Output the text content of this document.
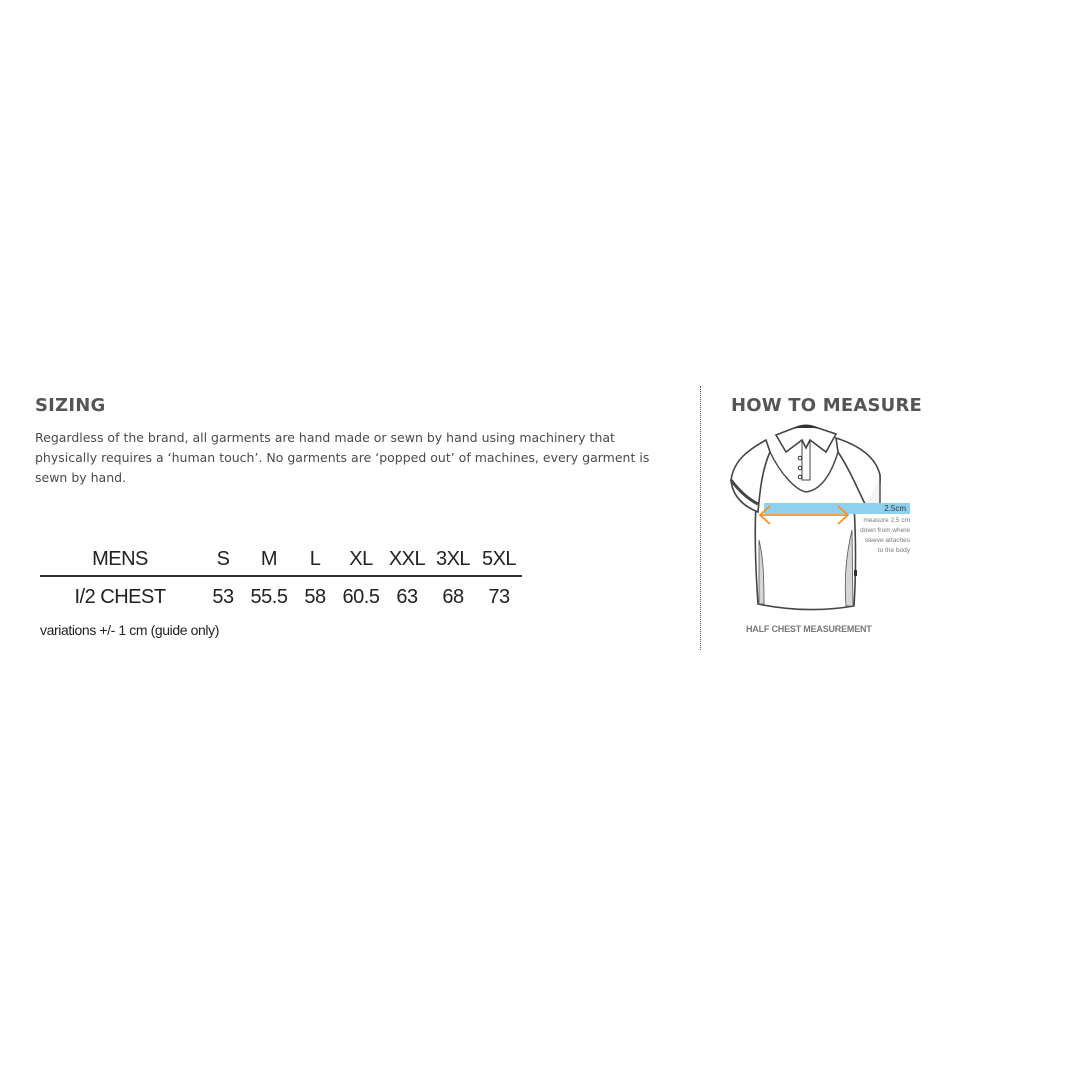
SIZING

Regardless of the brand, all garments are hand made or sewn by hand using machinery that physically requires a ‘human touch’. No garments are ‘popped out’ of machines, every garment is sewn by hand.

MENS	S	M	L	XL	XXL	3XL	5XL
I/2 CHEST	53	55.5	58	60.5	63	68	73
variations +/- 1 cm (guide only)
HOW TO MEASURE
2.5cm
measure 2.5 cm
down from where
sleeve attaches
to the body
HALF CHEST MEASUREMENT
